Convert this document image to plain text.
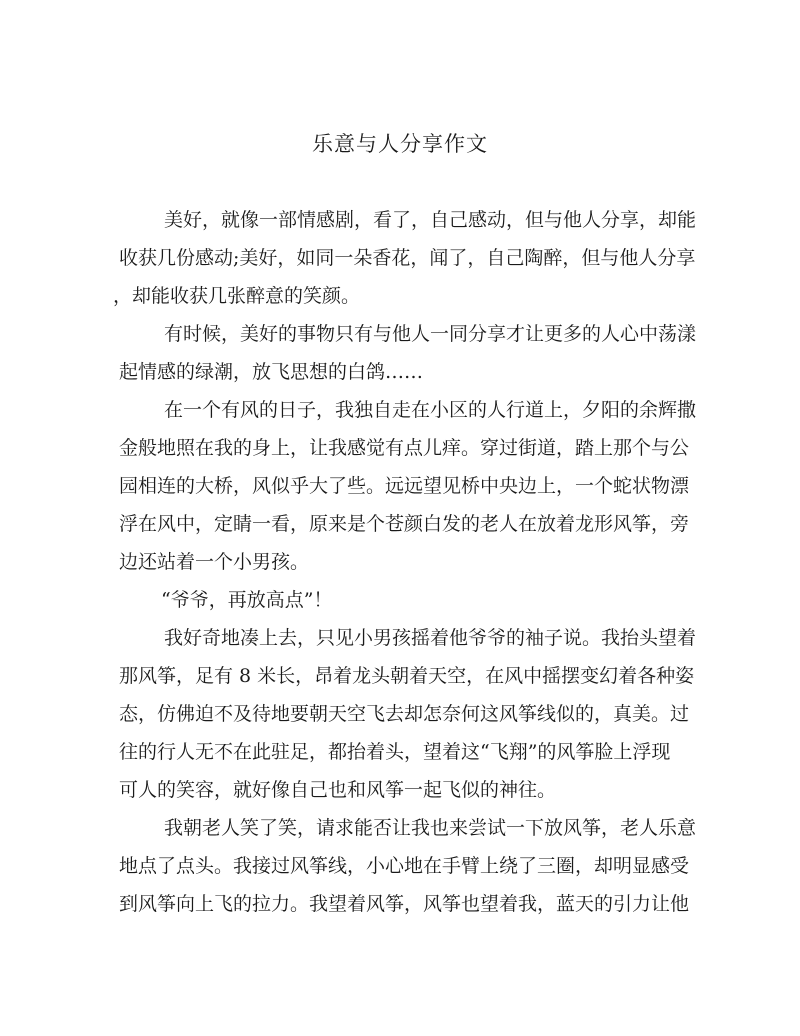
乐意与人分享作文

美好，就像一部情感剧，看了，自己感动，但与他人分享，却能

收获几份感动;美好，如同一朵香花，闻了，自己陶醉，但与他人分享

，却能收获几张醉意的笑颜。

有时候，美好的事物只有与他人一同分享才让更多的人心中荡漾

起情感的绿潮，放飞思想的白鸽……

在一个有风的日子，我独自走在小区的人行道上，夕阳的余辉撒

金般地照在我的身上，让我感觉有点儿痒。穿过街道，踏上那个与公

园相连的大桥，风似乎大了些。远远望见桥中央边上，一个蛇状物漂

浮在风中，定睛一看，原来是个苍颜白发的老人在放着龙形风筝，旁

边还站着一个小男孩。

“爷爷，再放高点”！

我好奇地凑上去，只见小男孩摇着他爷爷的袖子说。我抬头望着

那风筝，足有 8 米长，昂着龙头朝着天空，在风中摇摆变幻着各种姿

态，仿佛迫不及待地要朝天空飞去却怎奈何这风筝线似的，真美。过

往的行人无不在此驻足，都抬着头，望着这“飞翔”的风筝脸上浮现

可人的笑容，就好像自己也和风筝一起飞似的神往。

我朝老人笑了笑，请求能否让我也来尝试一下放风筝，老人乐意

地点了点头。我接过风筝线，小心地在手臂上绕了三圈，却明显感受

到风筝向上飞的拉力。我望着风筝，风筝也望着我，蓝天的引力让他
